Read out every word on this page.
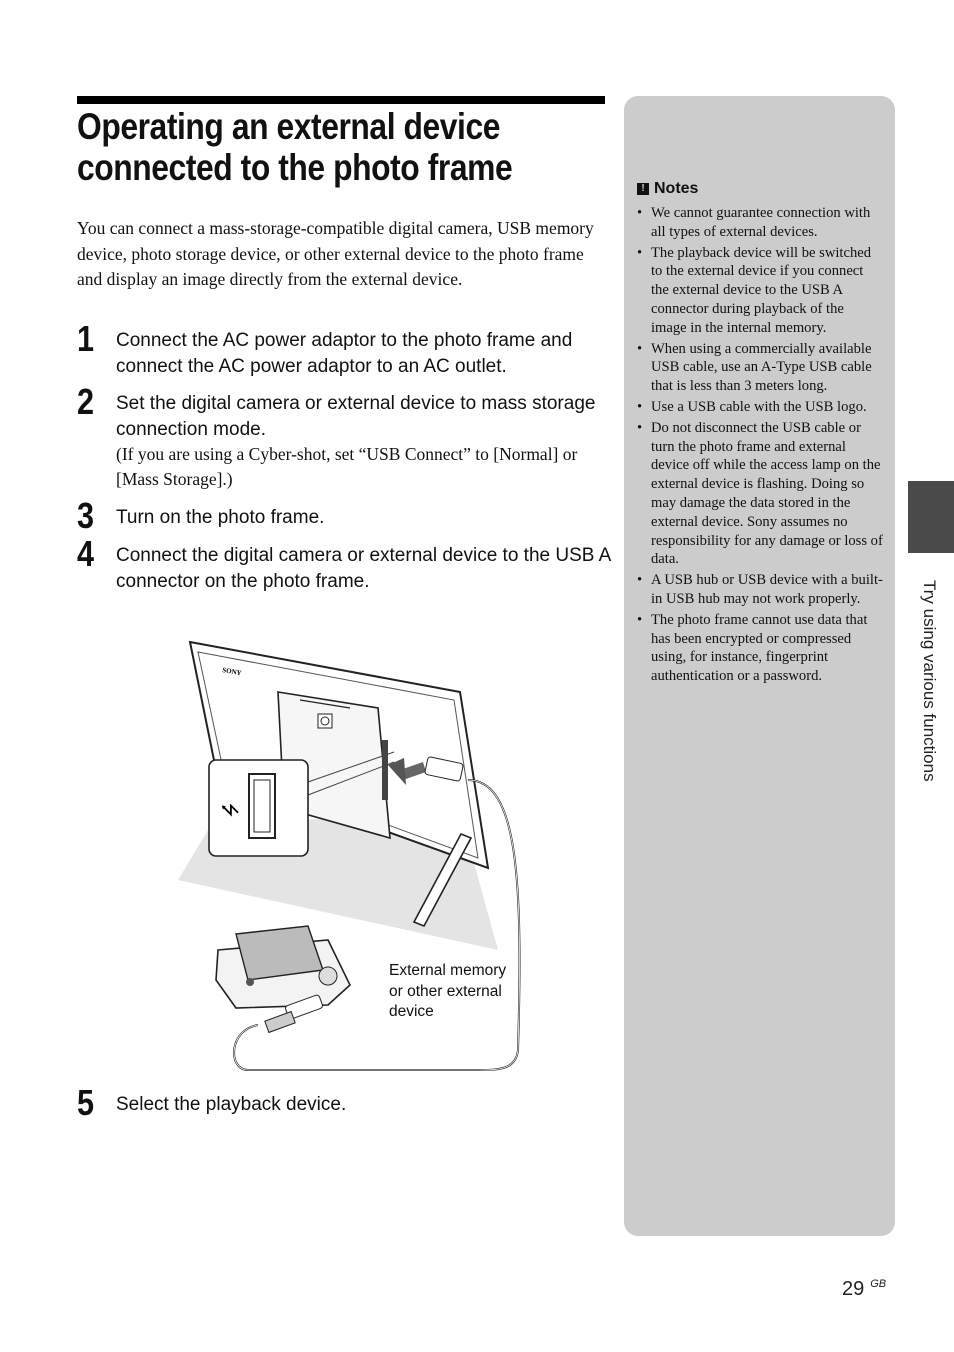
Operating an external device
connected to the photo frame
You can connect a mass-storage-compatible digital camera, USB memory device, photo storage device, or other external device to the photo frame and display an image directly from the external device.
1 Connect the AC power adaptor to the photo frame and connect the AC power adaptor to an AC outlet.
2 Set the digital camera or external device to mass storage connection mode.
(If you are using a Cyber-shot, set “USB Connect” to [Normal] or [Mass Storage].)
3 Turn on the photo frame.
4 Connect the digital camera or external device to the USB A connector on the photo frame.
SONY
⭍
External memory or other external device
5 Select the playback device.
! Notes
• We cannot guarantee connection with all types of external devices.
• The playback device will be switched to the external device if you connect the external device to the USB A connector during playback of the image in the internal memory.
• When using a commercially available USB cable, use an A-Type USB cable that is less than 3 meters long.
• Use a USB cable with the USB logo.
• Do not disconnect the USB cable or turn the photo frame and external device off while the access lamp on the external device is flashing. Doing so may damage the data stored in the external device. Sony assumes no responsibility for any damage or loss of data.
• A USB hub or USB device with a built-in USB hub may not work properly.
• The photo frame cannot use data that has been encrypted or compressed using, for instance, fingerprint authentication or a password.	Try using various functions
29 $^{GB}$
